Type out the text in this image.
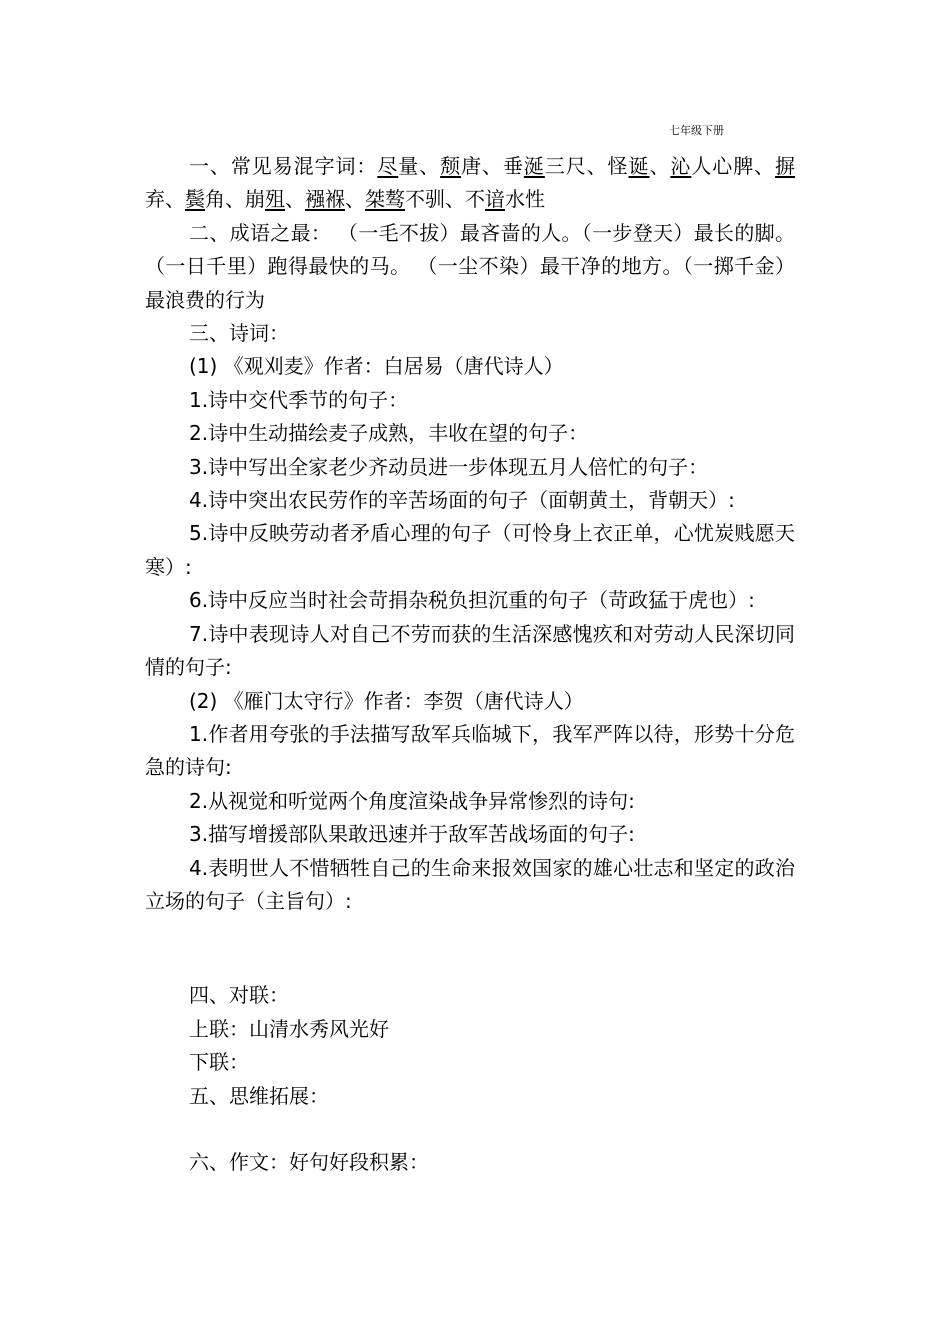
七年级下册

一、常见易混字词：尽量、颓唐、垂涎三尺、怪诞、沁人心脾、摒弃、鬓角、崩殂、襁褓、桀骜不驯、不谙水性

二、成语之最： （一毛不拔）最吝啬的人。（一步登天）最长的脚。（一日千里）跑得最快的马。 （一尘不染）最干净的地方。（一掷千金）最浪费的行为

三、诗词：

(1) 《观刈麦》作者：白居易（唐代诗人）

1.诗中交代季节的句子：

2.诗中生动描绘麦子成熟，丰收在望的句子：

3.诗中写出全家老少齐动员进一步体现五月人倍忙的句子：

4.诗中突出农民劳作的辛苦场面的句子（面朝黄土，背朝天）:

5.诗中反映劳动者矛盾心理的句子（可怜身上衣正单，心忧炭贱愿天寒）:

6.诗中反应当时社会苛捐杂税负担沉重的句子（苛政猛于虎也）:

7.诗中表现诗人对自己不劳而获的生活深感愧疚和对劳动人民深切同情的句子:

(2) 《雁门太守行》作者：李贺（唐代诗人）

1.作者用夸张的手法描写敌军兵临城下，我军严阵以待，形势十分危急的诗句:

2.从视觉和听觉两个角度渲染战争异常惨烈的诗句:

3.描写增援部队果敢迅速并于敌军苦战场面的句子:

4.表明世人不惜牺牲自己的生命来报效国家的雄心壮志和坚定的政治立场的句子（主旨句）:

四、对联：

上联：山清水秀风光好

下联：

五、思维拓展：

六、作文：好句好段积累：
